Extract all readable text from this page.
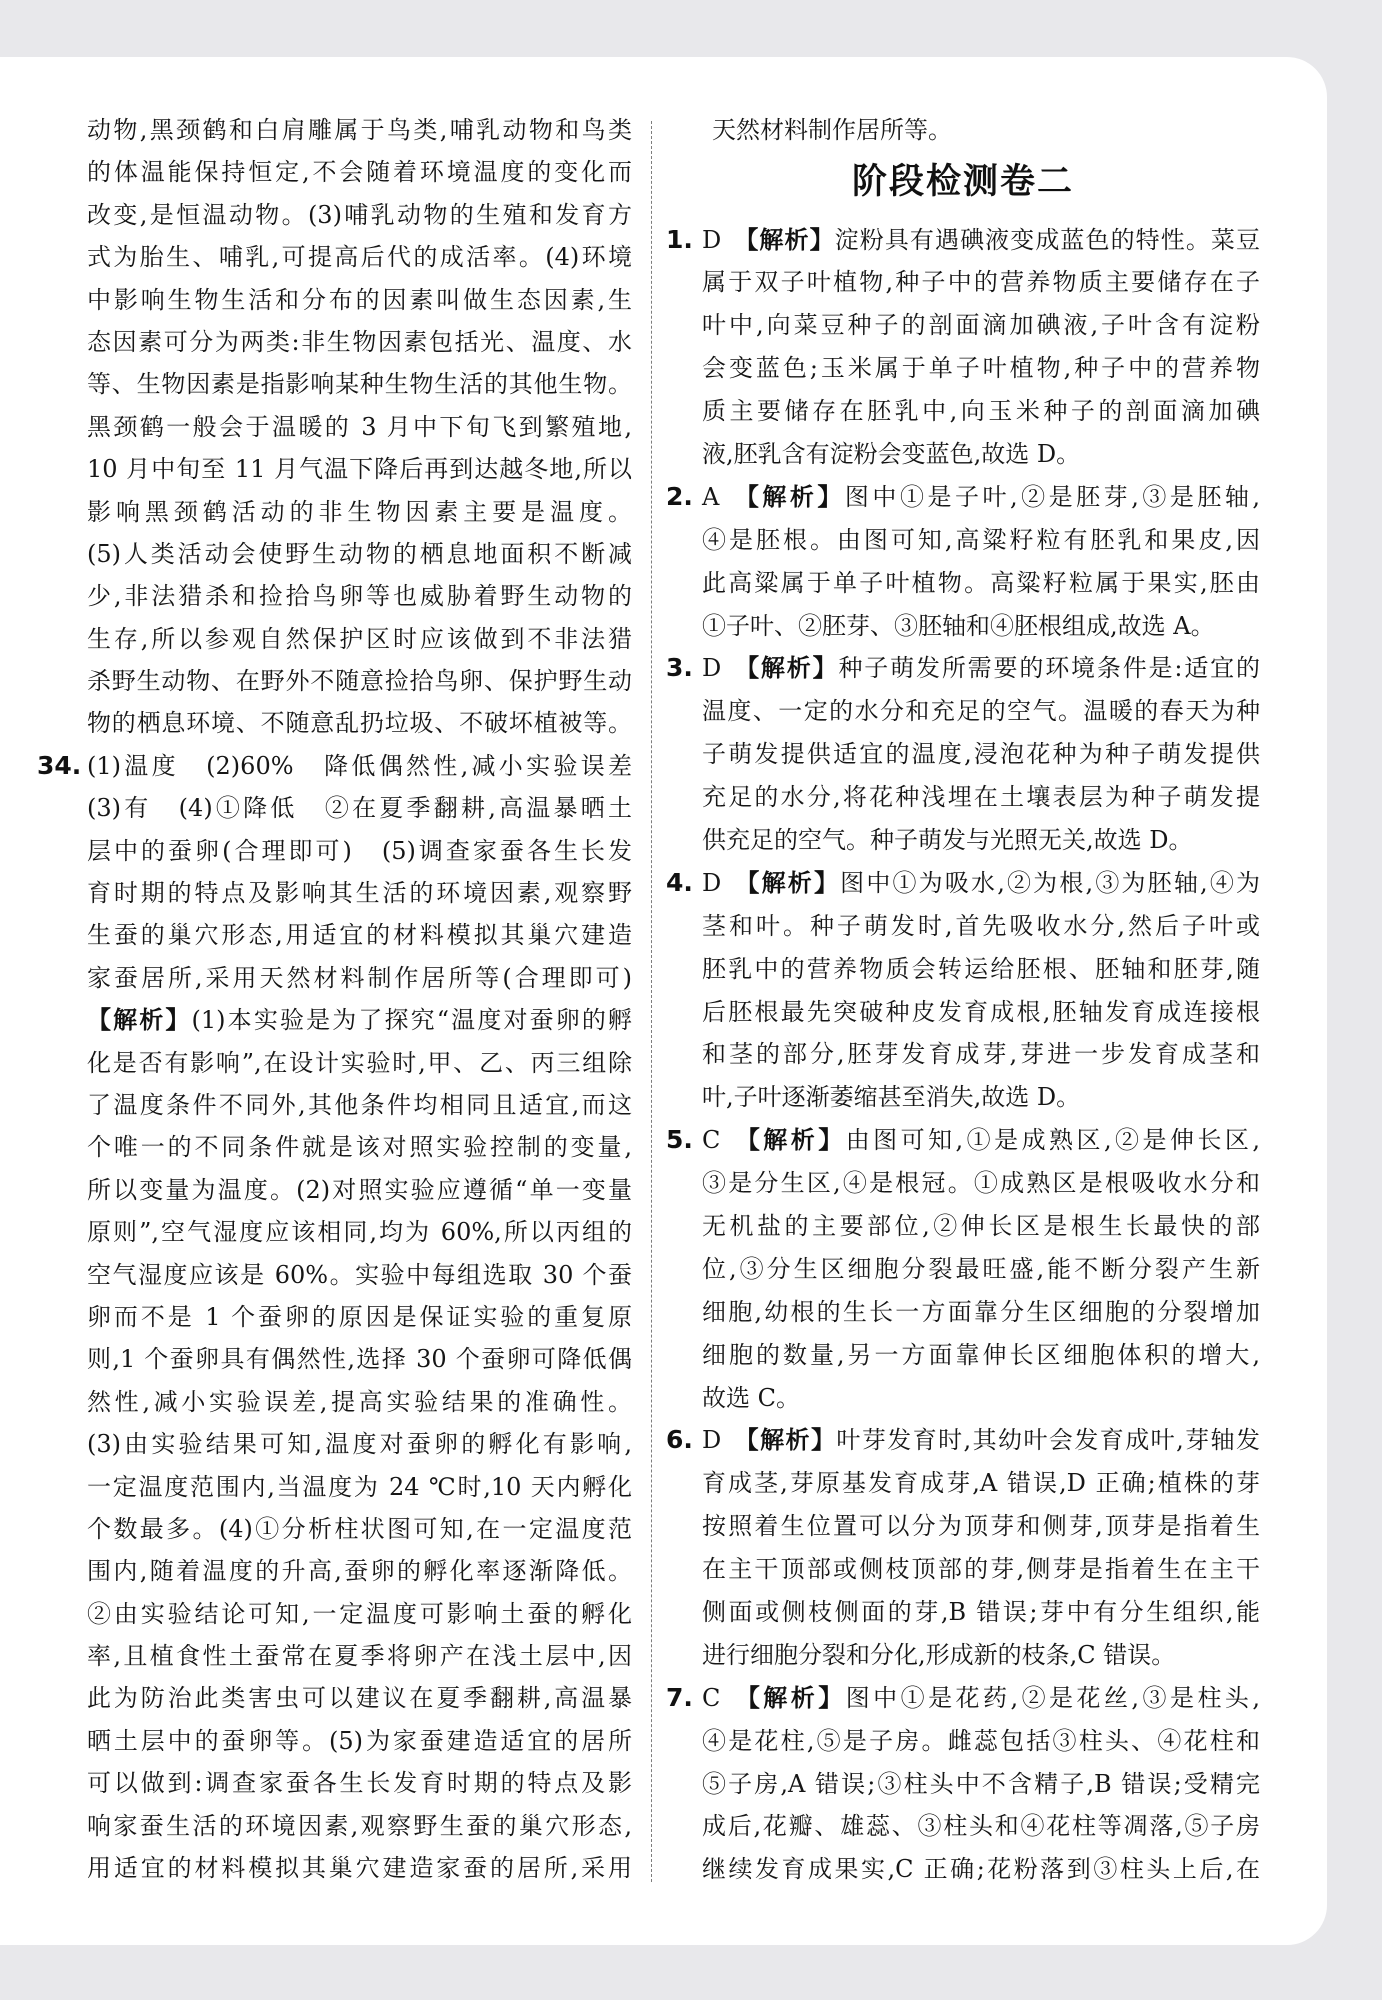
动物,黑颈鹤和白肩雕属于鸟类,哺乳动物和鸟类
的体温能保持恒定,不会随着环境温度的变化而
改变,是恒温动物。(3)哺乳动物的生殖和发育方
式为胎生、哺乳,可提高后代的成活率。(4)环境
中影响生物生活和分布的因素叫做生态因素,生
态因素可分为两类:非生物因素包括光、温度、水
等、生物因素是指影响某种生物生活的其他生物。
黑颈鹤一般会于温暖的 3 月中下旬飞到繁殖地,
10 月中旬至 11 月气温下降后再到达越冬地,所以
影响黑颈鹤活动的非生物因素主要是温度。
(5)人类活动会使野生动物的栖息地面积不断减
少,非法猎杀和捡拾鸟卵等也威胁着野生动物的
生存,所以参观自然保护区时应该做到不非法猎
杀野生动物、在野外不随意捡拾鸟卵、保护野生动
物的栖息环境、不随意乱扔垃圾、不破坏植被等。
34. (1)温度　(2)60%　降低偶然性,减小实验误差
(3)有　(4)①降低　②在夏季翻耕,高温暴晒土
层中的蚕卵(合理即可)　(5)调查家蚕各生长发
育时期的特点及影响其生活的环境因素,观察野
生蚕的巢穴形态,用适宜的材料模拟其巢穴建造
家蚕居所,采用天然材料制作居所等(合理即可)
【解析】(1)本实验是为了探究“温度对蚕卵的孵
化是否有影响”,在设计实验时,甲、乙、丙三组除
了温度条件不同外,其他条件均相同且适宜,而这
个唯一的不同条件就是该对照实验控制的变量,
所以变量为温度。(2)对照实验应遵循“单一变量
原则”,空气湿度应该相同,均为 60%,所以丙组的
空气湿度应该是 60%。实验中每组选取 30 个蚕
卵而不是 1 个蚕卵的原因是保证实验的重复原
则,1 个蚕卵具有偶然性,选择 30 个蚕卵可降低偶
然性,减小实验误差,提高实验结果的准确性。
(3)由实验结果可知,温度对蚕卵的孵化有影响,
一定温度范围内,当温度为 24 ℃时,10 天内孵化
个数最多。(4)①分析柱状图可知,在一定温度范
围内,随着温度的升高,蚕卵的孵化率逐渐降低。
②由实验结论可知,一定温度可影响土蚕的孵化
率,且植食性土蚕常在夏季将卵产在浅土层中,因
此为防治此类害虫可以建议在夏季翻耕,高温暴
晒土层中的蚕卵等。(5)为家蚕建造适宜的居所
可以做到:调查家蚕各生长发育时期的特点及影
响家蚕生活的环境因素,观察野生蚕的巢穴形态,
用适宜的材料模拟其巢穴建造家蚕的居所,采用
天然材料制作居所等。
阶段检测卷二
1. D 【解析】淀粉具有遇碘液变成蓝色的特性。菜豆
属于双子叶植物,种子中的营养物质主要储存在子
叶中,向菜豆种子的剖面滴加碘液,子叶含有淀粉
会变蓝色;玉米属于单子叶植物,种子中的营养物
质主要储存在胚乳中,向玉米种子的剖面滴加碘
液,胚乳含有淀粉会变蓝色,故选 D。
2. A 【解析】图中①是子叶,②是胚芽,③是胚轴,
④是胚根。由图可知,高粱籽粒有胚乳和果皮,因
此高粱属于单子叶植物。高粱籽粒属于果实,胚由
①子叶、②胚芽、③胚轴和④胚根组成,故选 A。
3. D 【解析】种子萌发所需要的环境条件是:适宜的
温度、一定的水分和充足的空气。温暖的春天为种
子萌发提供适宜的温度,浸泡花种为种子萌发提供
充足的水分,将花种浅埋在土壤表层为种子萌发提
供充足的空气。种子萌发与光照无关,故选 D。
4. D 【解析】图中①为吸水,②为根,③为胚轴,④为
茎和叶。种子萌发时,首先吸收水分,然后子叶或
胚乳中的营养物质会转运给胚根、胚轴和胚芽,随
后胚根最先突破种皮发育成根,胚轴发育成连接根
和茎的部分,胚芽发育成芽,芽进一步发育成茎和
叶,子叶逐渐萎缩甚至消失,故选 D。
5. C 【解析】由图可知,①是成熟区,②是伸长区,
③是分生区,④是根冠。①成熟区是根吸收水分和
无机盐的主要部位,②伸长区是根生长最快的部
位,③分生区细胞分裂最旺盛,能不断分裂产生新
细胞,幼根的生长一方面靠分生区细胞的分裂增加
细胞的数量,另一方面靠伸长区细胞体积的增大,
故选 C。
6. D 【解析】叶芽发育时,其幼叶会发育成叶,芽轴发
育成茎,芽原基发育成芽,A 错误,D 正确;植株的芽
按照着生位置可以分为顶芽和侧芽,顶芽是指着生
在主干顶部或侧枝顶部的芽,侧芽是指着生在主干
侧面或侧枝侧面的芽,B 错误;芽中有分生组织,能
进行细胞分裂和分化,形成新的枝条,C 错误。
7. C 【解析】图中①是花药,②是花丝,③是柱头,
④是花柱,⑤是子房。雌蕊包括③柱头、④花柱和
⑤子房,A 错误;③柱头中不含精子,B 错误;受精完
成后,花瓣、雄蕊、③柱头和④花柱等凋落,⑤子房
继续发育成果实,C 正确;花粉落到③柱头上后,在
